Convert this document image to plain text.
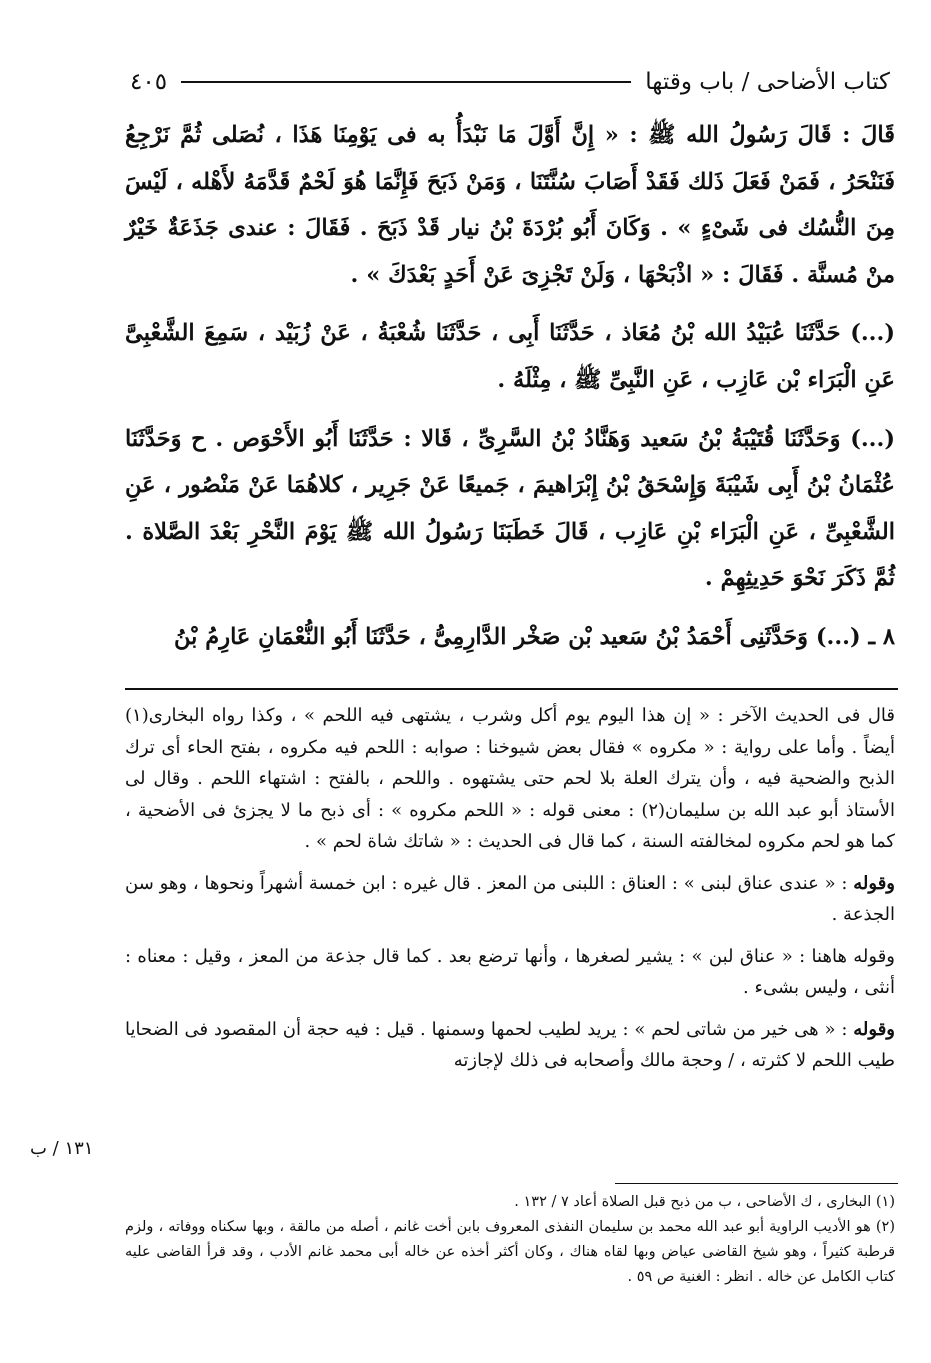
كتاب الأضاحى / باب وقتها
٤٠٥

قَالَ : قَالَ رَسُولُ الله ﷺ : « إِنَّ أَوَّلَ مَا نَبْدَأُ به فى يَوْمِنَا هَذَا ، نُصَلى ثُمَّ نَرْجِعُ فَنَنْحَرُ ، فَمَنْ فَعَلَ ذَلك فَقَدْ أَصَابَ سُنَّتَنَا ، وَمَنْ ذَبَحَ فَإِنَّمَا هُوَ لَحْمٌ قَدَّمَهُ لأَهْله ، لَيْسَ مِنَ النُّسُك فى شَىْءٍ » . وَكَانَ أَبُو بُرْدَةَ بْنُ نيار قَدْ ذَبَحَ . فَقَالَ : عندى جَذَعَةٌ خَيْرٌ منْ مُسنَّة . فَقَالَ : « اذْبَحْهَا ، وَلَنْ تَجْزِىَ عَنْ أَحَدٍ بَعْدَكَ » .

(...) حَدَّثَنَا عُبَيْدُ الله بْنُ مُعَاذ ، حَدَّثَنَا أَبِى ، حَدَّثَنَا شُعْبَةُ ، عَنْ زُبَيْد ، سَمِعَ الشَّعْبِىَّ عَنِ الْبَرَاء بْن عَازِب ، عَنِ النَّبِىِّ ﷺ ، مِثْلَهُ .

(...) وَحَدَّثَنَا قُتَيْبَةُ بْنُ سَعيد وَهَنَّادُ بْنُ السَّرِىِّ ، قَالا : حَدَّثَنَا أَبُو الأَحْوَص . ح وَحَدَّثَنَا عُثْمَانُ بْنُ أَبِى شَيْبَةَ وَإِسْحَقُ بْنُ إِبْرَاهيمَ ، جَميعًا عَنْ جَرِير ، كلاهُمَا عَنْ مَنْصُور ، عَنِ الشَّعْبِىِّ ، عَنِ الْبَرَاء بْنِ عَازِب ، قَالَ خَطَبَنَا رَسُولُ الله ﷺ يَوْمَ النَّحْرِ بَعْدَ الصَّلاة . ثُمَّ ذَكَرَ نَحْوَ حَدِيثِهِمْ .

٨ ـ (...) وَحَدَّثَنِى أَحْمَدُ بْنُ سَعيد بْن صَخْر الدَّارِمِىُّ ، حَدَّثَنَا أَبُو النُّعْمَانِ عَارِمُ بْنُ

قال فى الحديث الآخر : « إن هذا اليوم يوم أكل وشرب ، يشتهى فيه اللحم » ، وكذا رواه البخارى(١) أيضاً . وأما على رواية : « مكروه » فقال بعض شيوخنا : صوابه : اللحم فيه مكروه ، بفتح الحاء أى ترك الذبح والضحية فيه ، وأن يترك العلة بلا لحم حتى يشتهوه . واللحم ، بالفتح : اشتهاء اللحم . وقال لى الأستاذ أبو عبد الله بن سليمان(٢) : معنى قوله : « اللحم مكروه » : أى ذبح ما لا يجزئ فى الأضحية ، كما هو لحم مكروه لمخالفته السنة ، كما قال فى الحديث : « شاتك شاة لحم » .

وقوله : « عندى عناق لبنى » : العناق : اللبنى من المعز . قال غيره : ابن خمسة أشهراً ونحوها ، وهو سن الجذعة .

وقوله هاهنا : « عناق لبن » : يشير لصغرها ، وأنها ترضع بعد . كما قال جذعة من المعز ، وقيل : معناه : أنثى ، وليس بشىء .

وقوله : « هى خير من شاتى لحم » : يريد لطيب لحمها وسمنها . قيل : فيه حجة أن المقصود فى الضحايا طيب اللحم لا كثرته ، / وحجة مالك وأصحابه فى ذلك لإجازته

١٣١ / ب

(١) البخارى ، ك الأضاحى ، ب من ذبح قبل الصلاة أعاد ٧ / ١٣٢ .

(٢) هو الأديب الراوية أبو عبد الله محمد بن سليمان النفذى المعروف بابن أخت غانم ، أصله من مالقة ، وبها سكناه ووفاته ، ولزم قرطبة كثيراً ، وهو شيخ القاضى عياض وبها لقاه هناك ، وكان أكثر أخذه عن خاله أبى محمد غانم الأدب ، وقد قرأ القاضى عليه كتاب الكامل عن خاله . انظر : الغنية ص ٥٩ .
